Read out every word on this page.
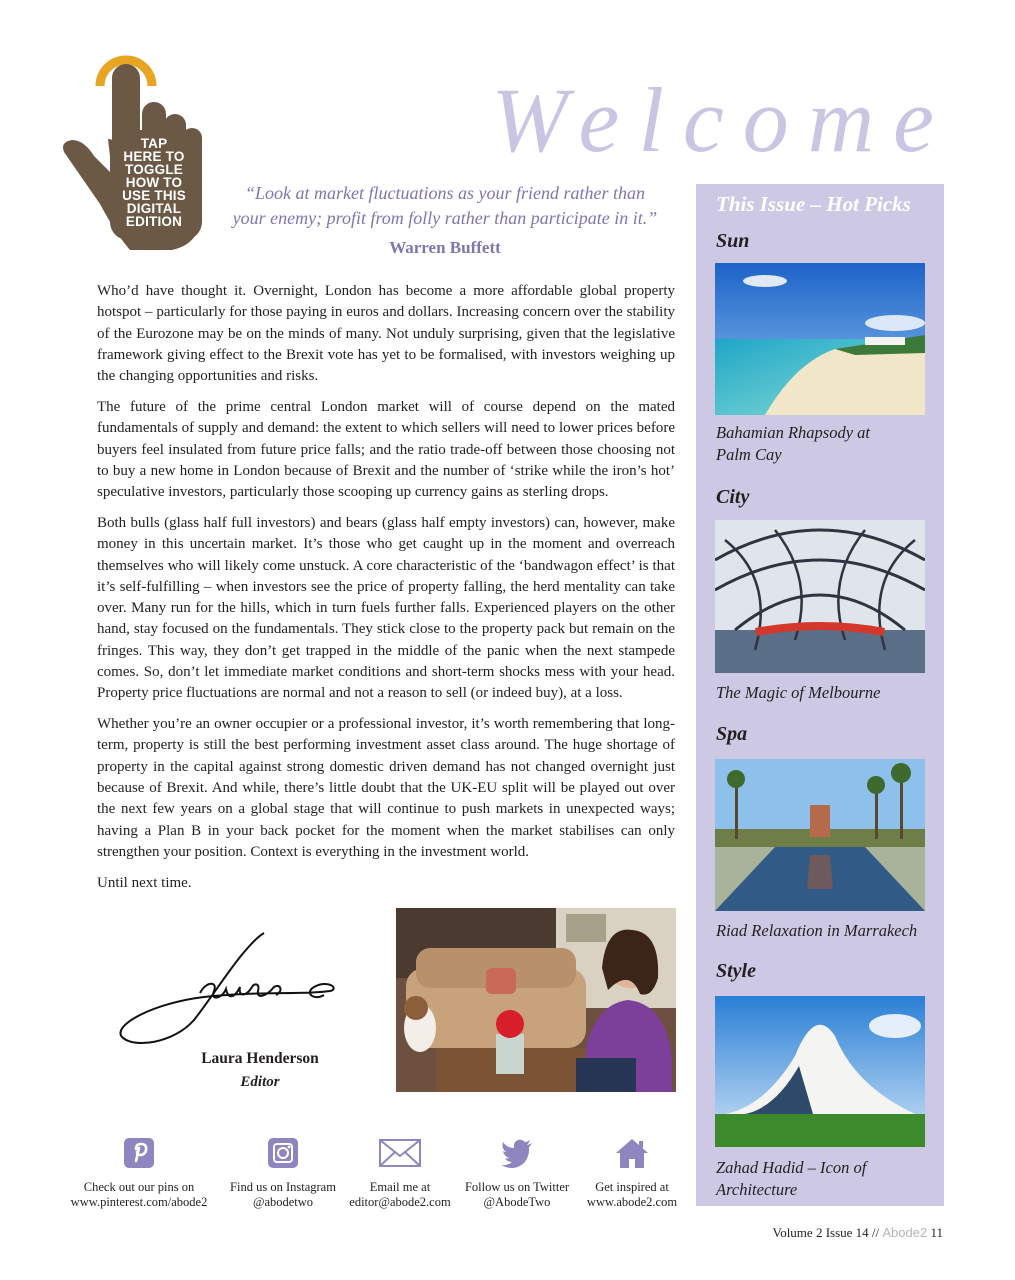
TAP
HERE TO
TOGGLE
HOW TO
USE THIS
DIGITAL
EDITION
Welcome
“Look at market fluctuations as your friend rather than
your enemy; profit from folly rather than participate in it.”
Warren Buffett

Who’d have thought it. Overnight, London has become a more affordable global property hotspot – particularly for those paying in euros and dollars. Increasing concern over the stability of the Eurozone may be on the minds of many. Not unduly surprising, given that the legislative framework giving effect to the Brexit vote has yet to be formalised, with investors weighing up the changing opportunities and risks.

The future of the prime central London market will of course depend on the mated fundamentals of supply and demand: the extent to which sellers will need to lower prices before buyers feel insulated from future price falls; and the ratio trade-off between those choosing not to buy a new home in London because of Brexit and the number of ‘strike while the iron’s hot’ speculative investors, particularly those scooping up currency gains as sterling drops.

Both bulls (glass half full investors) and bears (glass half empty investors) can, however, make money in this uncertain market. It’s those who get caught up in the moment and overreach themselves who will likely come unstuck. A core characteristic of the ‘bandwagon effect’ is that it’s self-fulfilling – when investors see the price of property falling, the herd mentality can take over. Many run for the hills, which in turn fuels further falls. Experienced players on the other hand, stay focused on the fundamentals. They stick close to the property pack but remain on the fringes. This way, they don’t get trapped in the middle of the panic when the next stampede comes. So, don’t let immediate market conditions and short-term shocks mess with your head. Property price fluctuations are normal and not a reason to sell (or indeed buy), at a loss.

Whether you’re an owner occupier or a professional investor, it’s worth remembering that long-term, property is still the best performing investment asset class around. The huge shortage of property in the capital against strong domestic driven demand has not changed overnight just because of Brexit. And while, there’s little doubt that the UK-EU split will be played out over the next few years on a global stage that will continue to push markets in unexpected ways; having a Plan B in your back pocket for the moment when the market stabilises can only strengthen your position. Context is everything in the investment world.

Until next time.

Laura Henderson
Editor
Check out our pins on
www.pinterest.com/abode2
Find us on Instagram
@abodetwo
Email me at
editor@abode2.com
Follow us on Twitter
@AbodeTwo
Get inspired at
www.abode2.com
This Issue – Hot Picks
Sun
Bahamian Rhapsody at
Palm Cay
City
The Magic of Melbourne
Spa
Riad Relaxation in Marrakech
Style
Zahad Hadid – Icon of
Architecture
Volume 2 Issue 14 // Abode2 11
